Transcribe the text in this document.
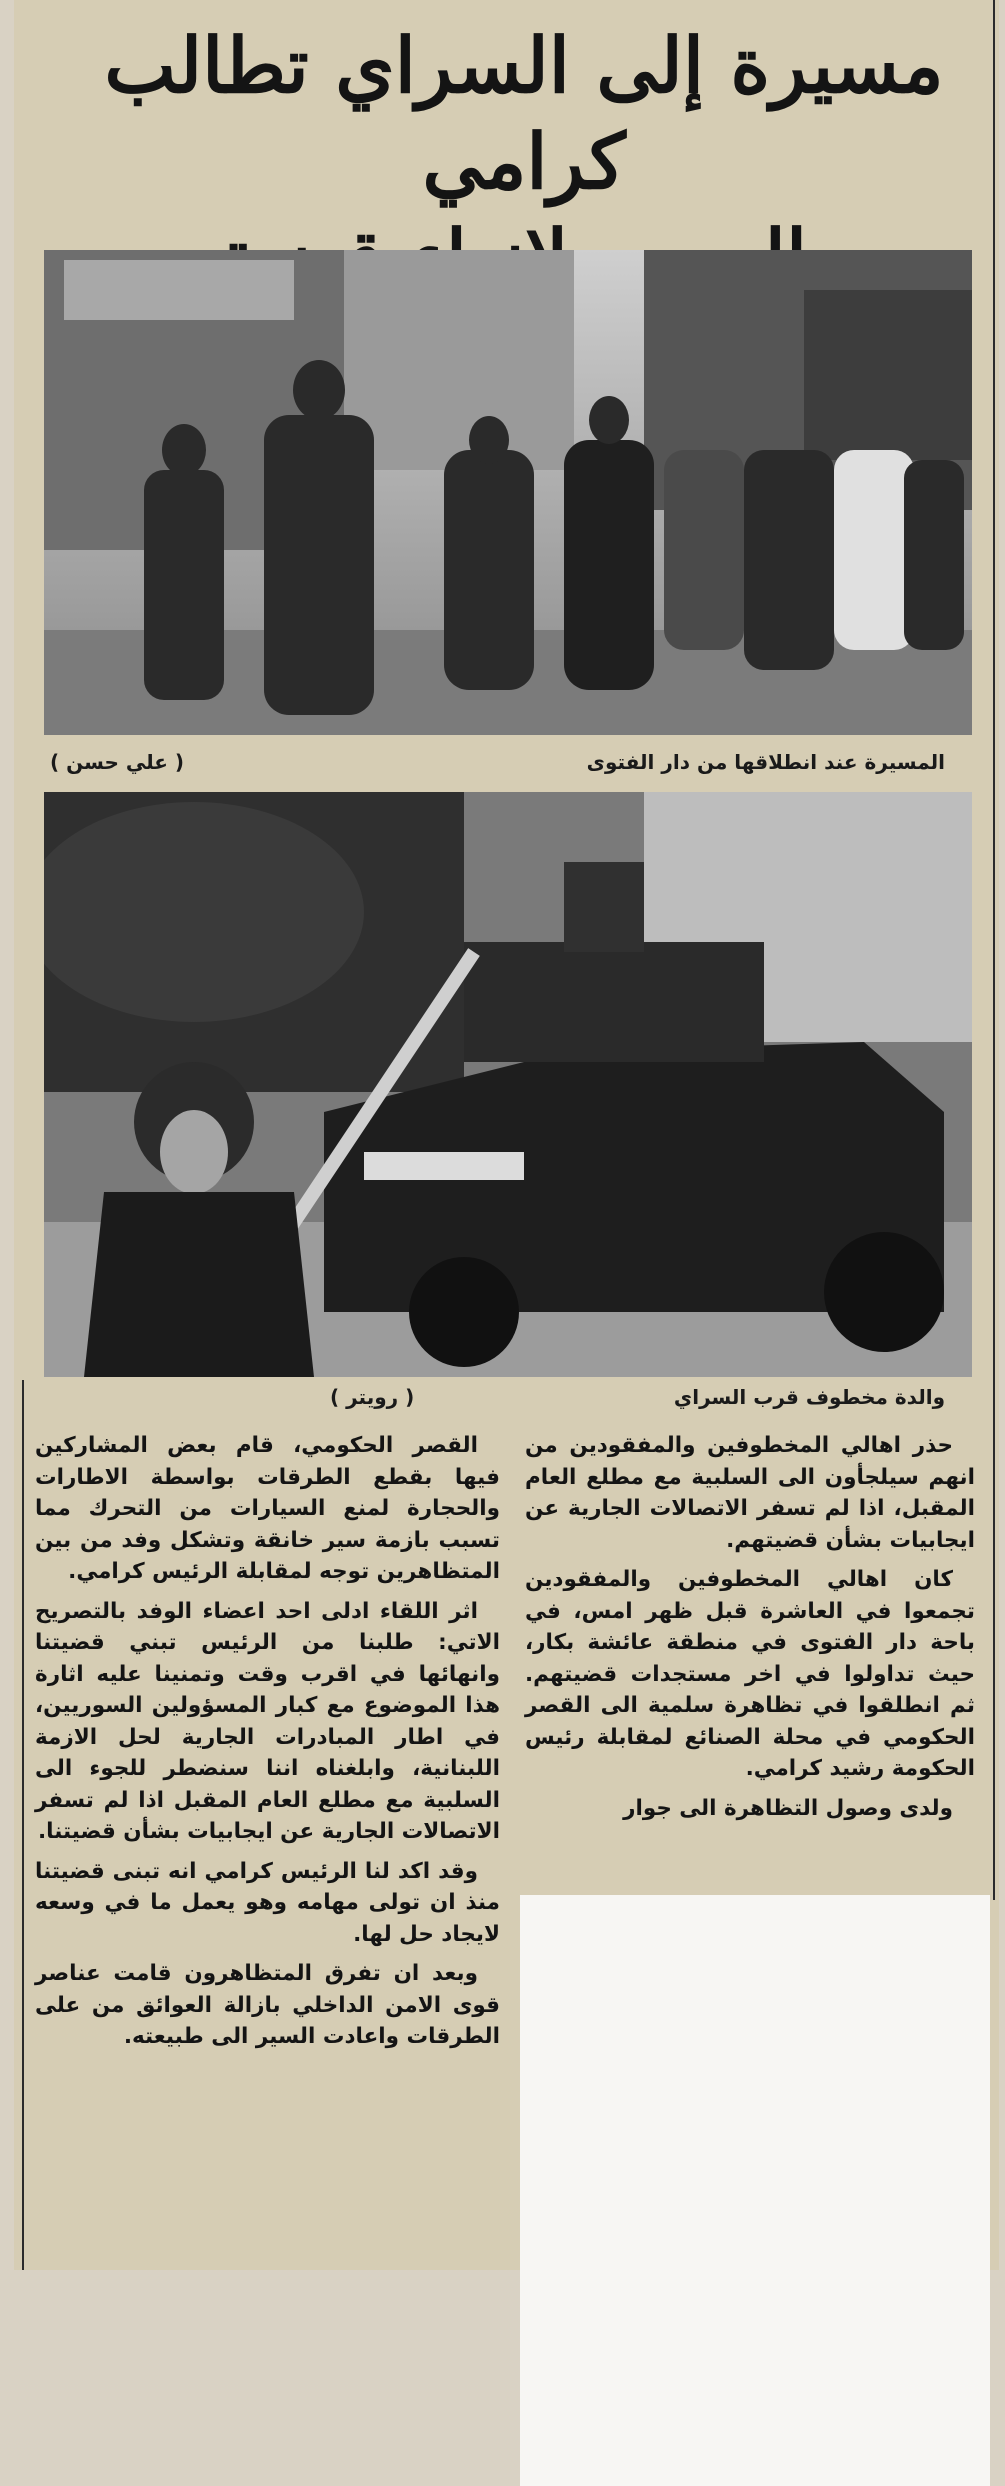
مسيرة إلى السراي تطالب كرامي

المسيرة عند انطلاقها من دار الفتوى
( علي حسن )
والدة مخطوف قرب السراي
( رويتر )

حذر اهالي المخطوفين والمفقودين من انهم سيلجأون الى السلبية مع مطلع العام المقبل، اذا لم تسفر الاتصالات الجارية عن ايجابيات بشأن قضيتهم.

كان اهالي المخطوفين والمفقودين تجمعوا في العاشرة قبل ظهر امس، في باحة دار الفتوى في منطقة عائشة بكار، حيث تداولوا في اخر مستجدات قضيتهم. ثم انطلقوا في تظاهرة سلمية الى القصر الحكومي في محلة الصنائع لمقابلة رئيس الحكومة رشيد كرامي.

ولدى وصول التظاهرة الى جوار

القصر الحكومي، قام بعض المشاركين فيها بقطع الطرقات بواسطة الاطارات والحجارة لمنع السيارات من التحرك مما تسبب بازمة سير خانقة وتشكل وفد من بين المتظاهرين توجه لمقابلة الرئيس كرامي.

اثر اللقاء ادلى احد اعضاء الوفد بالتصريح الاتي: طلبنا من الرئيس تبني قضيتنا وانهائها في اقرب وقت وتمنينا عليه اثارة هذا الموضوع مع كبار المسؤولين السوريين، في اطار المبادرات الجارية لحل الازمة اللبنانية، وابلغناه اننا سنضطر للجوء الى السلبية مع مطلع العام المقبل اذا لم تسفر الاتصالات الجارية عن ايجابيات بشأن قضيتنا.

وقد اكد لنا الرئيس كرامي انه تبنى قضيتنا منذ ان تولى مهامه وهو يعمل ما في وسعه لايجاد حل لها.

وبعد ان تفرق المتظاهرون قامت عناصر قوى الامن الداخلي بازالة العوائق من على الطرقات واعادت السير الى طبيعته.
